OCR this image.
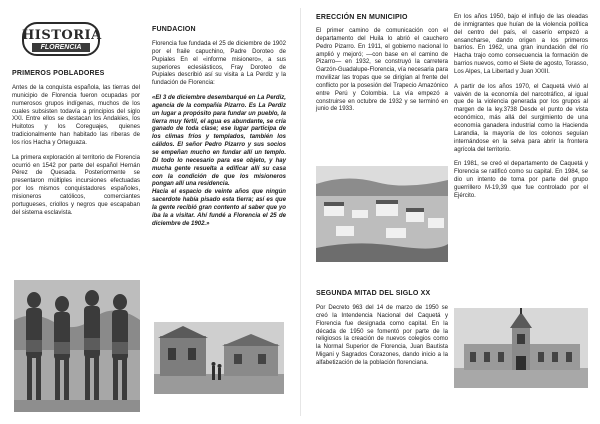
HISTORIA
FLORENCIA

PRIMEROS POBLADORES

Antes de la conquista española, las tierras del municipio de Florencia fueron ocupadas por numerosos grupos indígenas, muchos de los cuales subsisten todavía a principios del siglo XXI. Entre ellos se destacan los Andakies, los Huitotos y los Coreguajes, quienes tradicionalmente han habitado las riberas de los ríos Hacha y Orteguaza.

La primera exploración al territorio de Florencia ocurrió en 1542 por parte del español Hernán Pérez de Quesada. Posteriormente se presentaron múltiples incursiones efectuadas por los mismos conquistadores españoles, misioneros católicos, comerciantes portugueses, criollos y negros que escapaban del sistema esclavista.

FUNDACION

Florencia fue fundada el 25 de diciembre de 1902 por el fraile capuchino, Padre Doroteo de Pupiales En el «informe misionero», a sus superiores eclesiásticos, Fray Doroteo de Pupiales describió así su visita a La Perdiz y la fundación de Florencia:

«El 3 de diciembre desembarqué en La Perdiz, agencia de la compañía Pizarro. Es La Perdiz un lugar a propósito para fundar un pueblo, la tierra muy fértil, el agua es abundante, se cría ganado de toda clase; ese lugar participa de los climas fríos y templados, también los cálidos. El señor Pedro Pizarro y sus socios se empeñan mucho en fundar allí un templo. Di todo lo necesario para ese objeto, y hay mucha gente resuelta a edificar allí su casa con la condición de que los misioneros pongan allí una residencia.

Hacia el espacio de veinte años que ningún sacerdote había pisado esta tierra; así es que la gente recibió gran contento al saber que yo iba la a visitar. Ahí fundé a Florencia el 25 de diciembre de 1902.»

ERECCIÓN EN MUNICIPIO

El primer camino de comunicación con el departamento del Huila lo abrió el cauchero Pedro Pizarro. En 1911, el gobierno nacional lo amplió y mejoró; —con base en el camino de Pizarro— en 1932, se construyó la carretera Garzón-Guadalupe-Florencia, vía necesaria para movilizar las tropas que se dirigían al frente del conflicto por la posesión del Trapecio Amazónico entre Perú y Colombia. La vía empezó a construirse en octubre de 1932 y se terminó en junio de 1933.

SEGUNDA MITAD DEL SIGLO XX

Por Decreto 963 del 14 de marzo de 1950 se creó la Intendencia Nacional del Caquetá y Florencia fue designada como capital. En la década de 1950 se fomentó por parte de la religiosos la creación de nuevos colegios como la Normal Superior de Florencia, Juan Bautista Migani y Sagrados Corazones, dando inicio a la alfabetización de la población florenciana.

En los años 1950, bajo el influjo de las oleadas de inmigrantes que huían de la violencia política del centro del país, el caserío empezó a ensancharse, dando origen a los primeros barrios. En 1962, una gran inundación del río Hacha trajo como consecuencia la formación de barrios nuevos, como el Siete de agosto, Torasso, Los Alpes, La Libertad y Juan XXIII.

A partir de los años 1970, el Caquetá vivió al vaivén de la economía del narcotráfico, al igual que de la violencia generada por los grupos al margen de la ley.3738 Desde el punto de vista económico, más allá del surgimiento de una economía ganadera industrial como la Hacienda Larandia, la mayoría de los colonos seguían internándose en la selva para abrir la frontera agrícola del territorio.

En 1981, se creó el departamento de Caquetá y Florencia se ratificó como su capital. En 1984, se dio un intento de toma por parte del grupo guerrillero M-19,39 que fue controlado por el Ejército.
